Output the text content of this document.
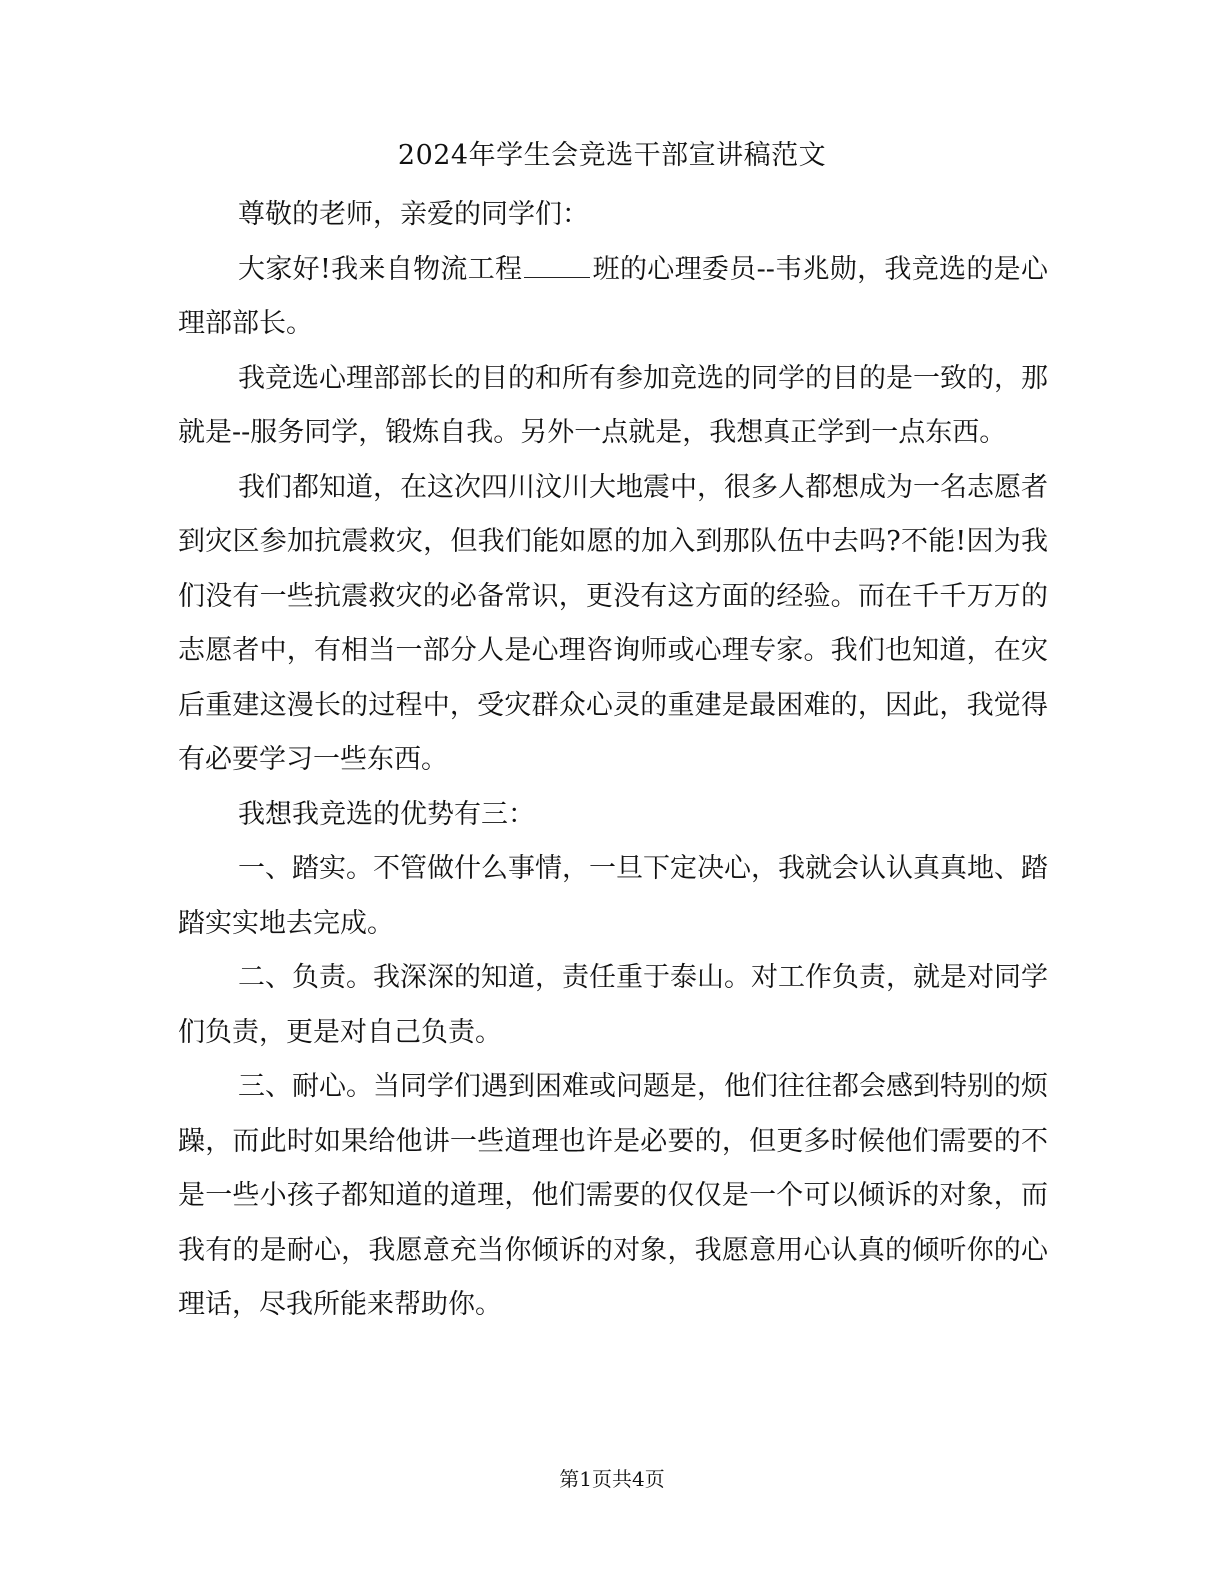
2024年学生会竞选干部宣讲稿范文

尊敬的老师，亲爱的同学们：

大家好!我来自物流工程	班的心理委员--韦兆勋，我竞选的是心理部部长。

我竞选心理部部长的目的和所有参加竞选的同学的目的是一致的，那就是--服务同学，锻炼自我。另外一点就是，我想真正学到一点东西。

我们都知道，在这次四川汶川大地震中，很多人都想成为一名志愿者到灾区参加抗震救灾，但我们能如愿的加入到那队伍中去吗?不能!因为我们没有一些抗震救灾的必备常识，更没有这方面的经验。而在千千万万的志愿者中，有相当一部分人是心理咨询师或心理专家。我们也知道，在灾后重建这漫长的过程中，受灾群众心灵的重建是最困难的，因此，我觉得有必要学习一些东西。

我想我竞选的优势有三：

一、踏实。不管做什么事情，一旦下定决心，我就会认认真真地、踏踏实实地去完成。

二、负责。我深深的知道，责任重于泰山。对工作负责，就是对同学们负责，更是对自己负责。

三、耐心。当同学们遇到困难或问题是，他们往往都会感到特别的烦躁，而此时如果给他讲一些道理也许是必要的，但更多时候他们需要的不是一些小孩子都知道的道理，他们需要的仅仅是一个可以倾诉的对象，而我有的是耐心，我愿意充当你倾诉的对象，我愿意用心认真的倾听你的心理话，尽我所能来帮助你。

第1页共4页
